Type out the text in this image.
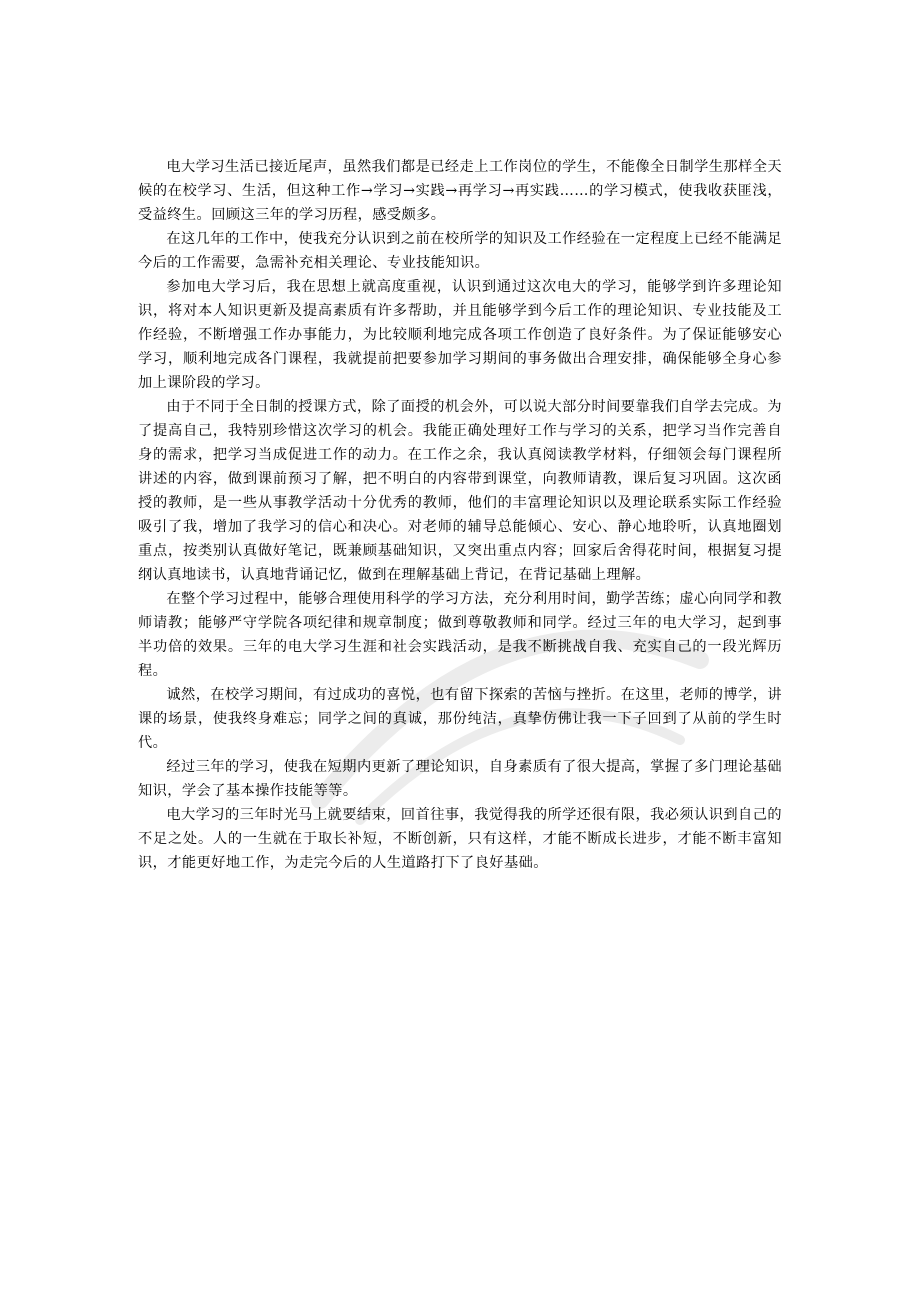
电大学习生活已接近尾声，虽然我们都是已经走上工作岗位的学生，不能像全日制学生那样全天候的在校学习、生活，但这种工作→学习→实践→再学习→再实践……的学习模式，使我收获匪浅，受益终生。回顾这三年的学习历程，感受颇多。

在这几年的工作中，使我充分认识到之前在校所学的知识及工作经验在一定程度上已经不能满足今后的工作需要，急需补充相关理论、专业技能知识。

参加电大学习后，我在思想上就高度重视，认识到通过这次电大的学习，能够学到许多理论知识，将对本人知识更新及提高素质有许多帮助，并且能够学到今后工作的理论知识、专业技能及工作经验，不断增强工作办事能力，为比较顺利地完成各项工作创造了良好条件。为了保证能够安心学习，顺利地完成各门课程，我就提前把要参加学习期间的事务做出合理安排，确保能够全身心参加上课阶段的学习。

由于不同于全日制的授课方式，除了面授的机会外，可以说大部分时间要靠我们自学去完成。为了提高自己，我特别珍惜这次学习的机会。我能正确处理好工作与学习的关系，把学习当作完善自身的需求，把学习当成促进工作的动力。在工作之余，我认真阅读教学材料，仔细领会每门课程所讲述的内容，做到课前预习了解，把不明白的内容带到课堂，向教师请教，课后复习巩固。这次函授的教师，是一些从事教学活动十分优秀的教师，他们的丰富理论知识以及理论联系实际工作经验吸引了我，增加了我学习的信心和决心。对老师的辅导总能倾心、安心、静心地聆听，认真地圈划重点，按类别认真做好笔记，既兼顾基础知识，又突出重点内容；回家后舍得花时间，根据复习提纲认真地读书，认真地背诵记忆，做到在理解基础上背记，在背记基础上理解。

在整个学习过程中，能够合理使用科学的学习方法，充分利用时间，勤学苦练；虚心向同学和教师请教；能够严守学院各项纪律和规章制度；做到尊敬教师和同学。经过三年的电大学习，起到事半功倍的效果。三年的电大学习生涯和社会实践活动，是我不断挑战自我、充实自己的一段光辉历程。

诚然，在校学习期间，有过成功的喜悦，也有留下探索的苦恼与挫折。在这里，老师的博学，讲课的场景，使我终身难忘；同学之间的真诚，那份纯洁，真挚仿佛让我一下子回到了从前的学生时代。

经过三年的学习，使我在短期内更新了理论知识，自身素质有了很大提高，掌握了多门理论基础知识，学会了基本操作技能等等。

电大学习的三年时光马上就要结束，回首往事，我觉得我的所学还很有限，我必须认识到自己的不足之处。人的一生就在于取长补短，不断创新，只有这样，才能不断成长进步，才能不断丰富知识，才能更好地工作，为走完今后的人生道路打下了良好基础。
